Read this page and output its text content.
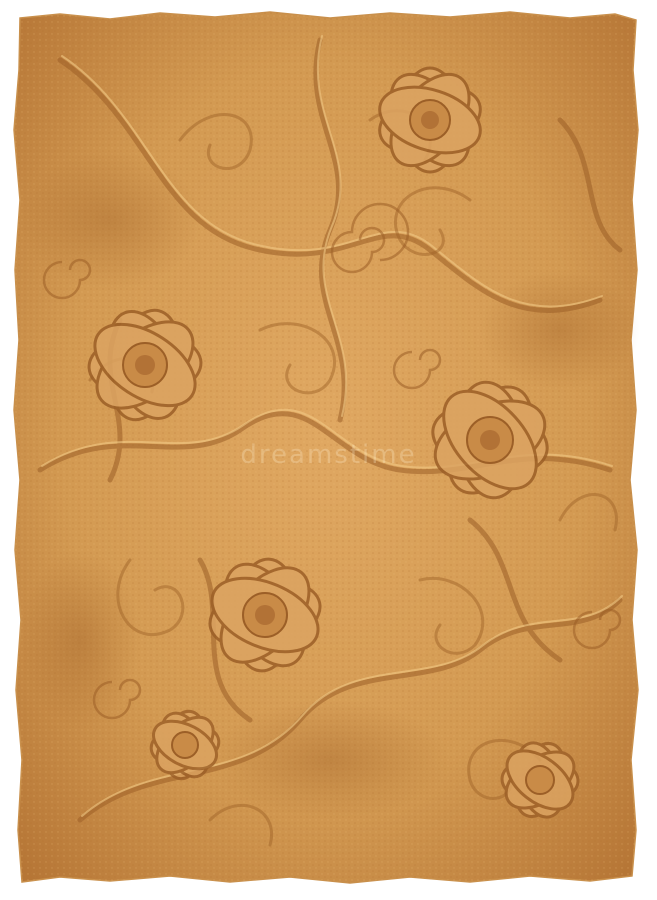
dreamstime
